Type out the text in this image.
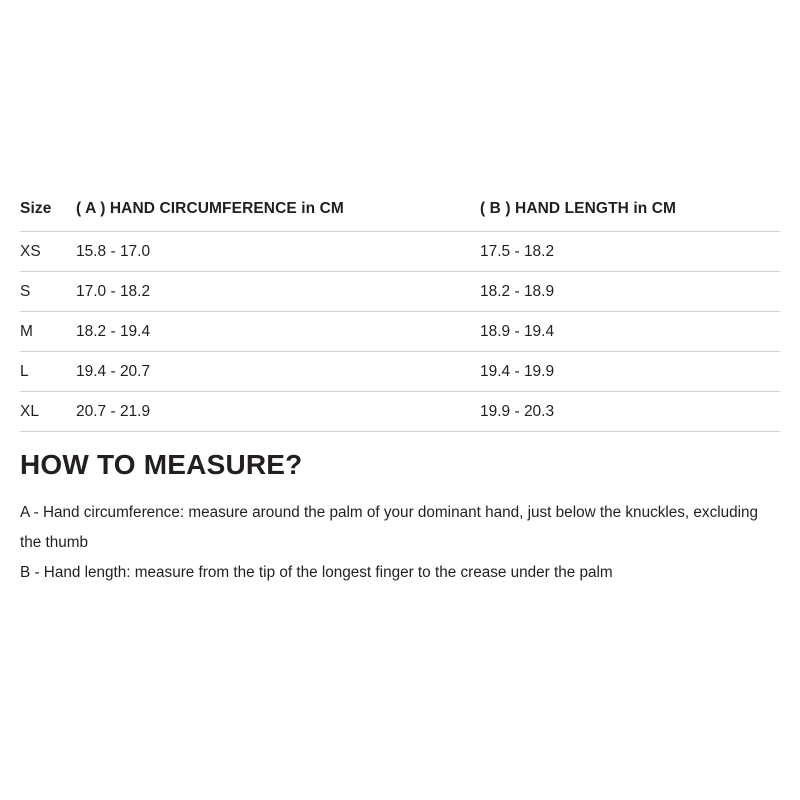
Size	( A ) HAND CIRCUMFERENCE in CM	( B ) HAND LENGTH in CM
XS	15.8 - 17.0	17.5 - 18.2
S	17.0 - 18.2	18.2 - 18.9
M	18.2 - 19.4	18.9 - 19.4
L	19.4 - 20.7	19.4 - 19.9
XL	20.7 - 21.9	19.9 - 20.3
HOW TO MEASURE?
A - Hand circumference: measure around the palm of your dominant hand, just below the knuckles, excluding the thumb
B - Hand length: measure from the tip of the longest finger to the crease under the palm
